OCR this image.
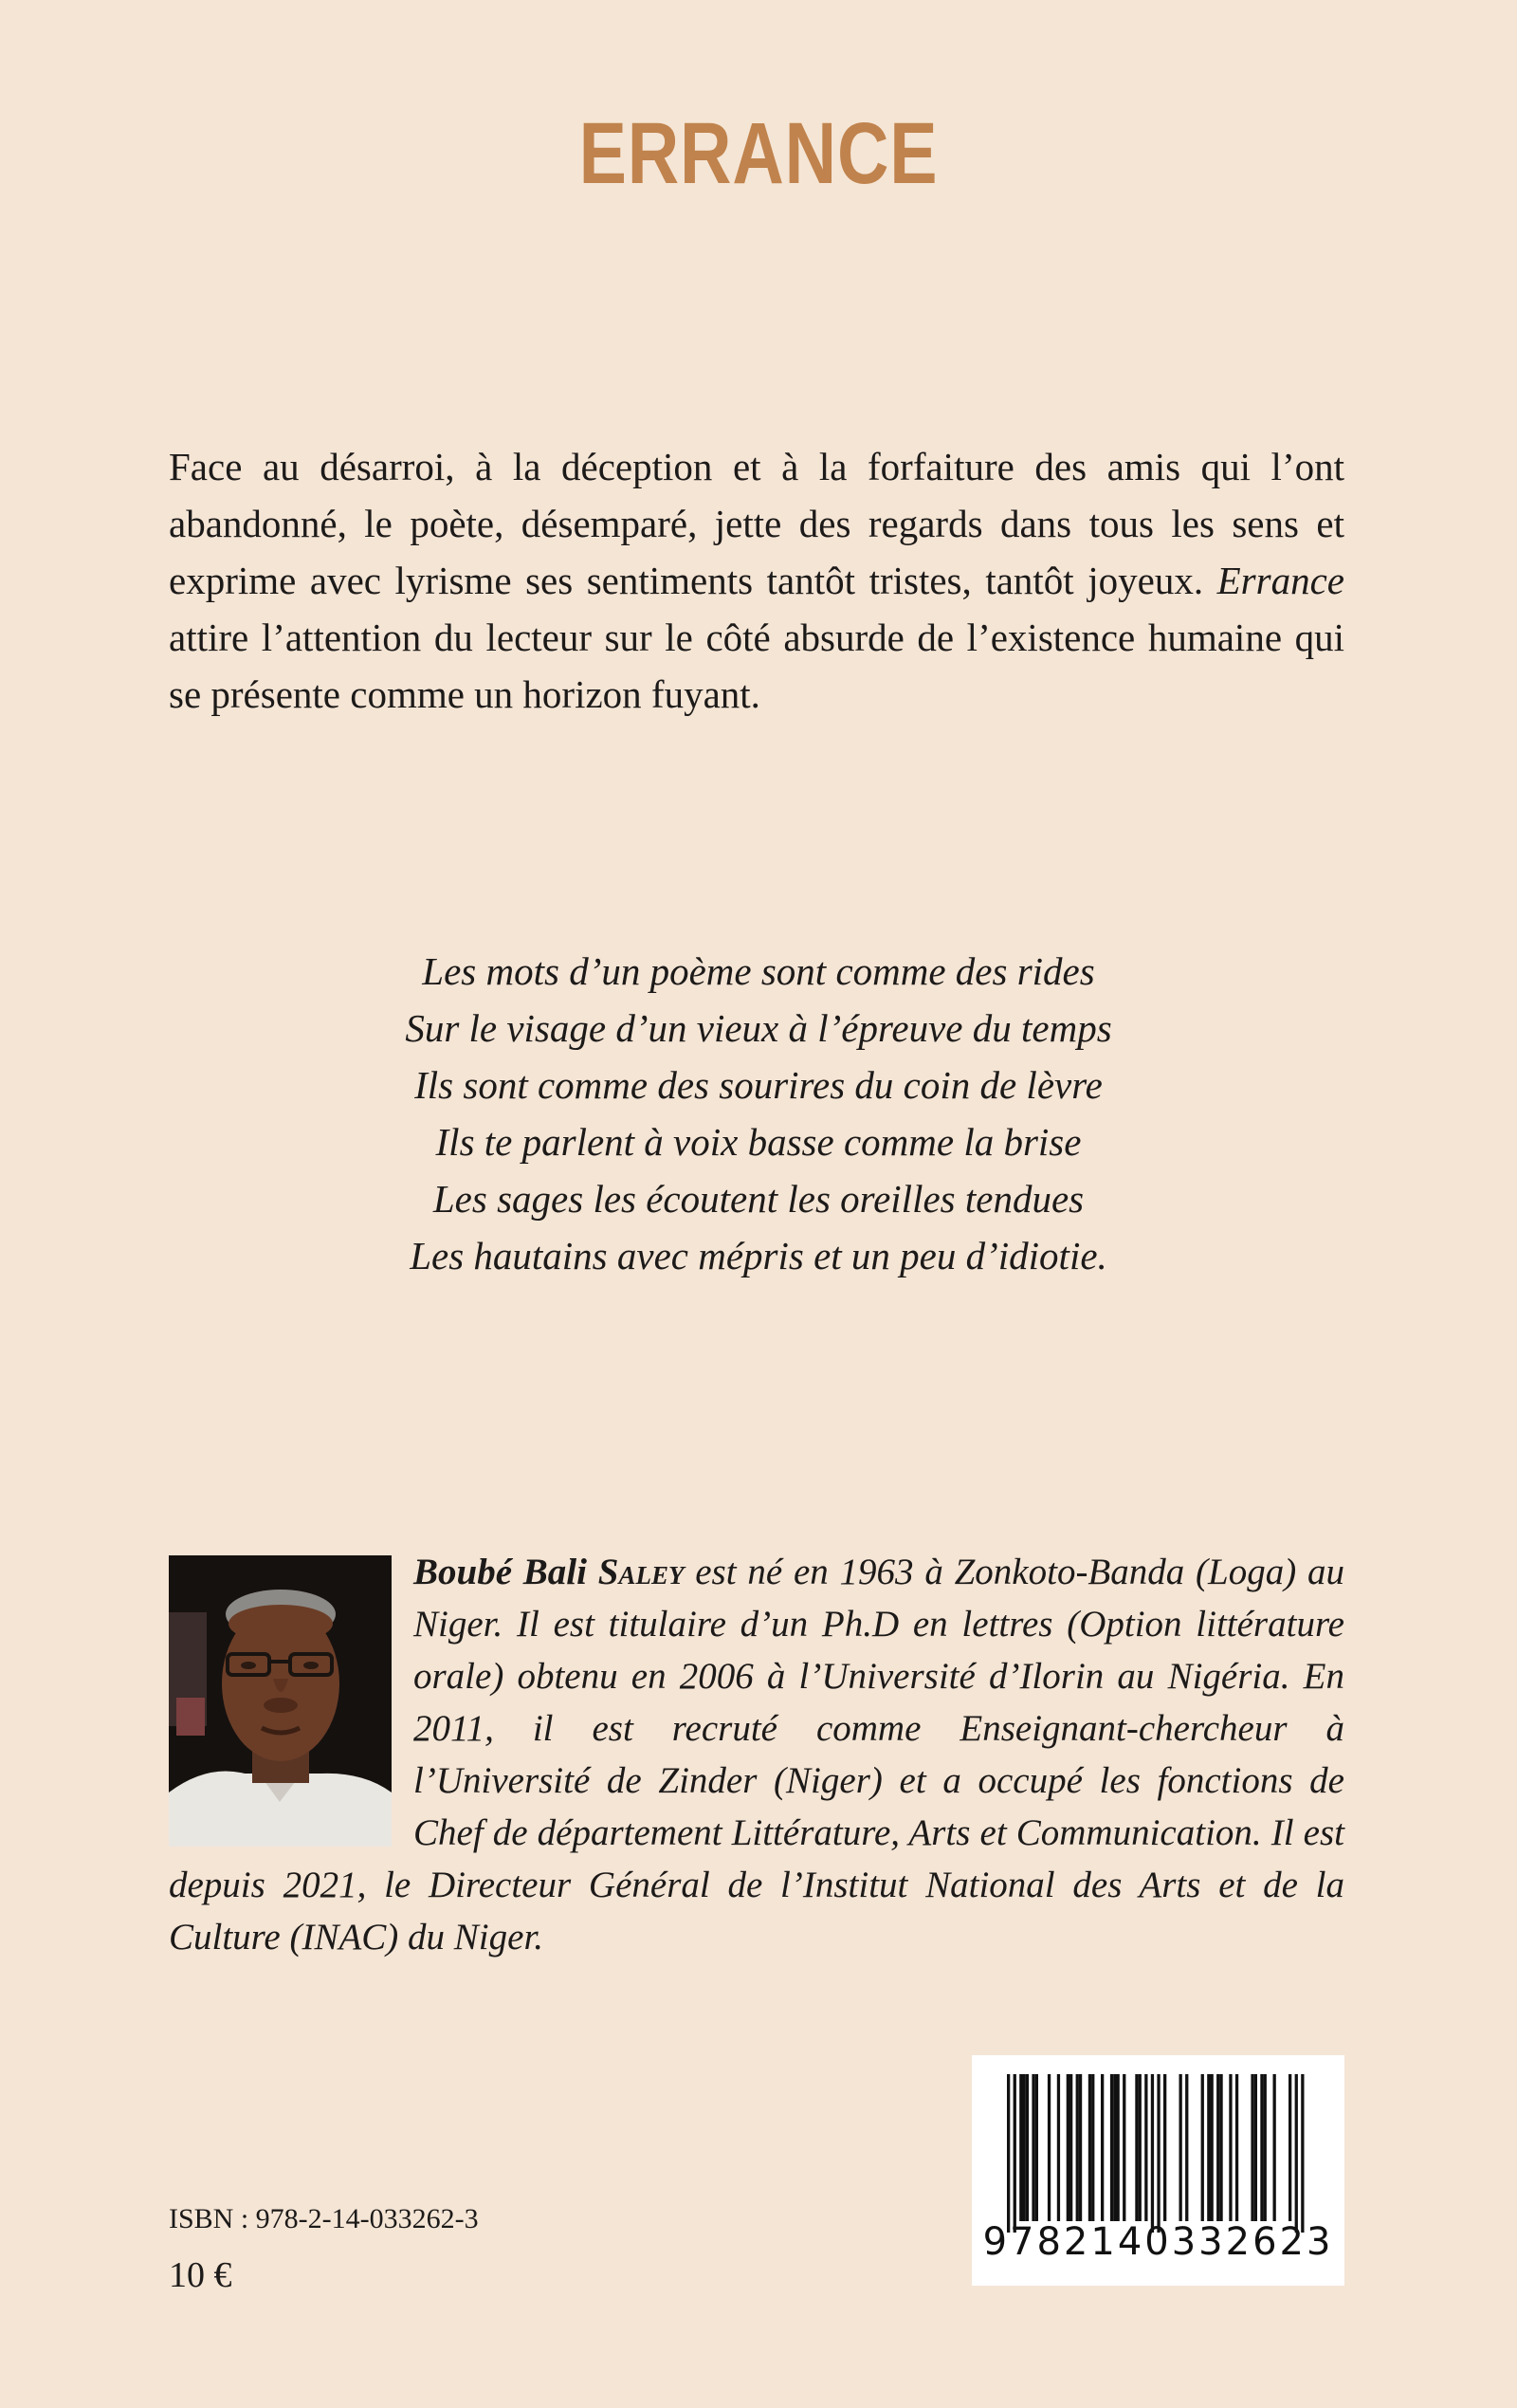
ERRANCE

Face au désarroi, à la déception et à la forfaiture des amis qui l’ont abandonné, le poète, désemparé, jette des regards dans tous les sens et exprime avec lyrisme ses sentiments tantôt tristes, tantôt joyeux. Errance attire l’attention du lecteur sur le côté absurde de l’existence humaine qui se présente comme un horizon fuyant.

Les mots d’un poème sont comme des rides
Sur le visage d’un vieux à l’épreuve du temps
Ils sont comme des sourires du coin de lèvre
Ils te parlent à voix basse comme la brise
Les sages les écoutent les oreilles tendues
Les hautains avec mépris et un peu d’idiotie.
Boubé Bali Saley est né en 1963 à Zonkoto-Banda (Loga) au Niger. Il est titulaire d’un Ph.D en lettres (Option littérature orale) obtenu en 2006 à l’Université d’Ilorin au Nigéria. En 2011, il est recruté comme Enseignant-chercheur à l’Université de Zinder (Niger) et a occupé les fonctions de Chef de département Littérature, Arts et Communication. Il est depuis 2021, le Directeur Général de l’Institut National des Arts et de la Culture (INAC) du Niger.
ISBN : 978-2-14-033262-3
10 €
9782140332623
